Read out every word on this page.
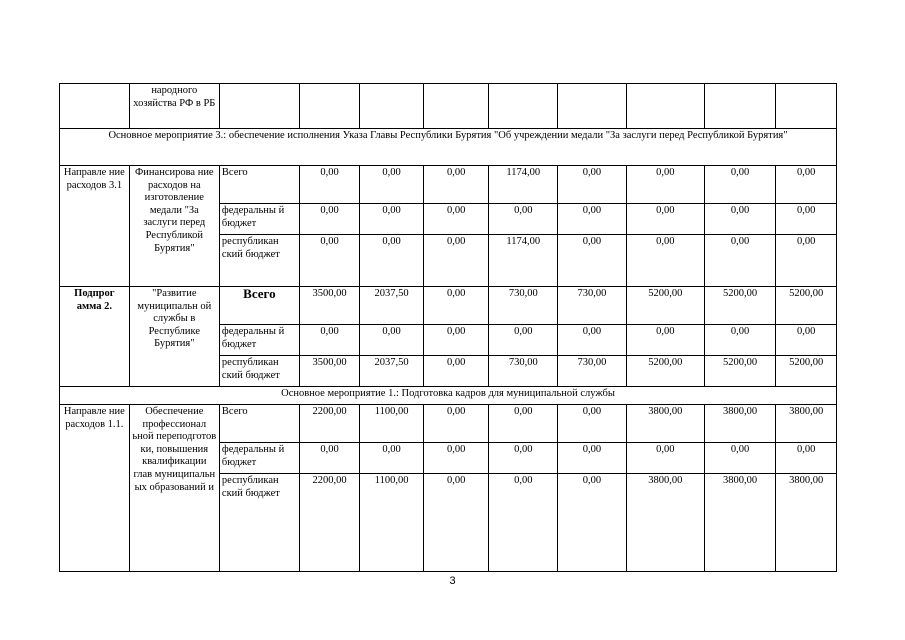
	народного хозяйства РФ в РБ									
Основное мероприятие 3.: обеспечение исполнения Указа Главы Республики Бурятия "Об учреждении медали "За заслуги перед Республикой Бурятия"										
Направле ние расходов 3.1	Финансирова ние расходов на изготовление медали "За заслуги перед Республикой Бурятия"	Всего	0,00	0,00	0,00	1174,00	0,00	0,00	0,00	0,00
		федеральны й бюджет	0,00	0,00	0,00	0,00	0,00	0,00	0,00	0,00
		республикан ский бюджет	0,00	0,00	0,00	1174,00	0,00	0,00	0,00	0,00
Подпрог амма 2.	"Развитие муниципальн ой службы в Республике Бурятия"	Всего	3500,00	2037,50	0,00	730,00	730,00	5200,00	5200,00	5200,00
		федеральны й бюджет	0,00	0,00	0,00	0,00	0,00	0,00	0,00	0,00
		республикан ский бюджет	3500,00	2037,50	0,00	730,00	730,00	5200,00	5200,00	5200,00
Основное мероприятие 1.: Подготовка кадров для муниципальной службы										
Направле ние расходов 1.1.	Обеспечение профессионал ьной переподготов ки, повышения квалификации глав муниципальн ых образований и	Всего	2200,00	1100,00	0,00	0,00	0,00	3800,00	3800,00	3800,00
		федеральны й бюджет	0,00	0,00	0,00	0,00	0,00	0,00	0,00	0,00
		республикан ский бюджет	2200,00	1100,00	0,00	0,00	0,00	3800,00	3800,00	3800,00
3
